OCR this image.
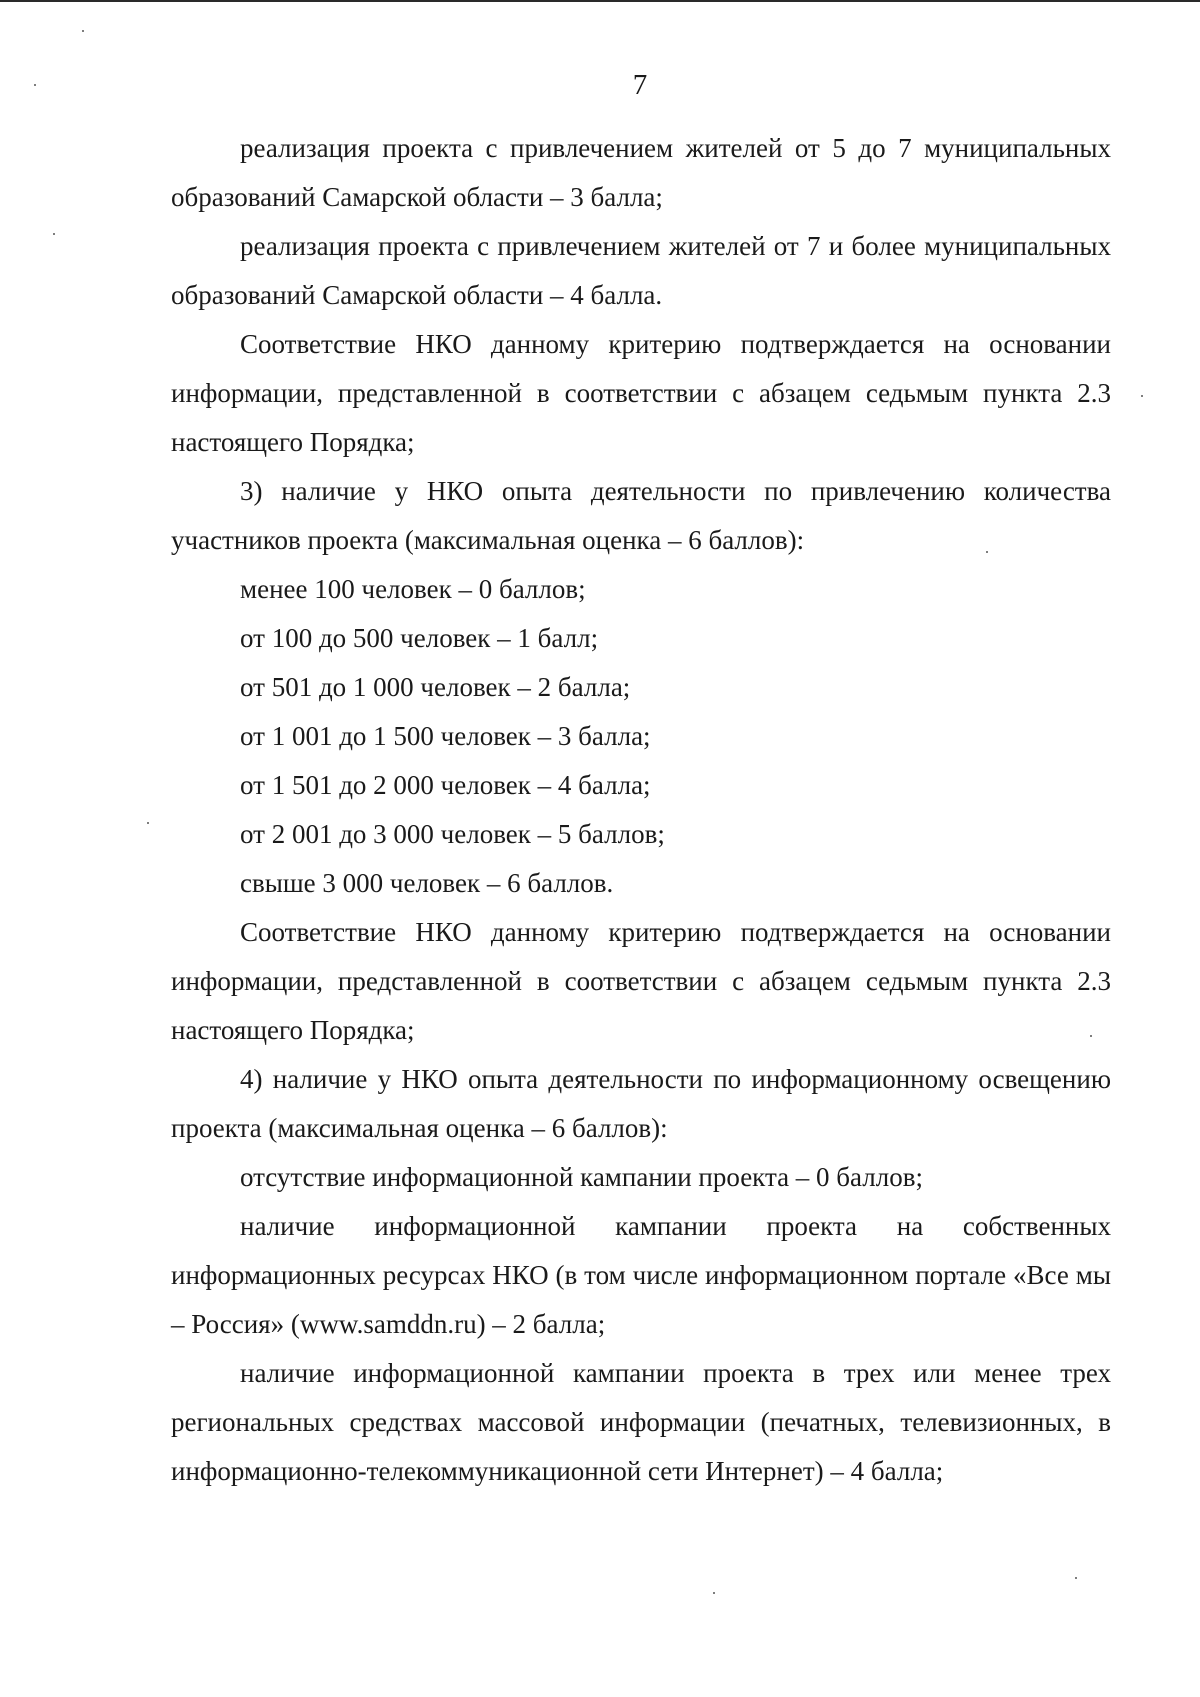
7

реализация проекта с привлечением жителей от 5 до 7 муниципальных образований Самарской области – 3 балла;

реализация проекта с привлечением жителей от 7 и более муниципальных образований Самарской области – 4 балла.

Соответствие НКО данному критерию подтверждается на основании информации, представленной в соответствии с абзацем седьмым пункта 2.3 настоящего Порядка;

3) наличие у НКО опыта деятельности по привлечению количества участников проекта (максимальная оценка – 6 баллов):

менее 100 человек – 0 баллов;

от 100 до 500 человек – 1 балл;

от 501 до 1 000 человек – 2 балла;

от 1 001 до 1 500 человек – 3 балла;

от 1 501 до 2 000 человек – 4 балла;

от 2 001 до 3 000 человек – 5 баллов;

свыше 3 000 человек – 6 баллов.

Соответствие НКО данному критерию подтверждается на основании информации, представленной в соответствии с абзацем седьмым пункта 2.3 настоящего Порядка;

4) наличие у НКО опыта деятельности по информационному освещению проекта (максимальная оценка – 6 баллов):

отсутствие информационной кампании проекта – 0 баллов;

наличие информационной кампании проекта на собственных информационных ресурсах НКО (в том числе информационном портале «Все мы – Россия» (www.samddn.ru) – 2 балла;

наличие информационной кампании проекта в трех или менее трех региональных средствах массовой информации (печатных, телевизионных, в информационно-телекоммуникационной сети Интернет) – 4 балла;
